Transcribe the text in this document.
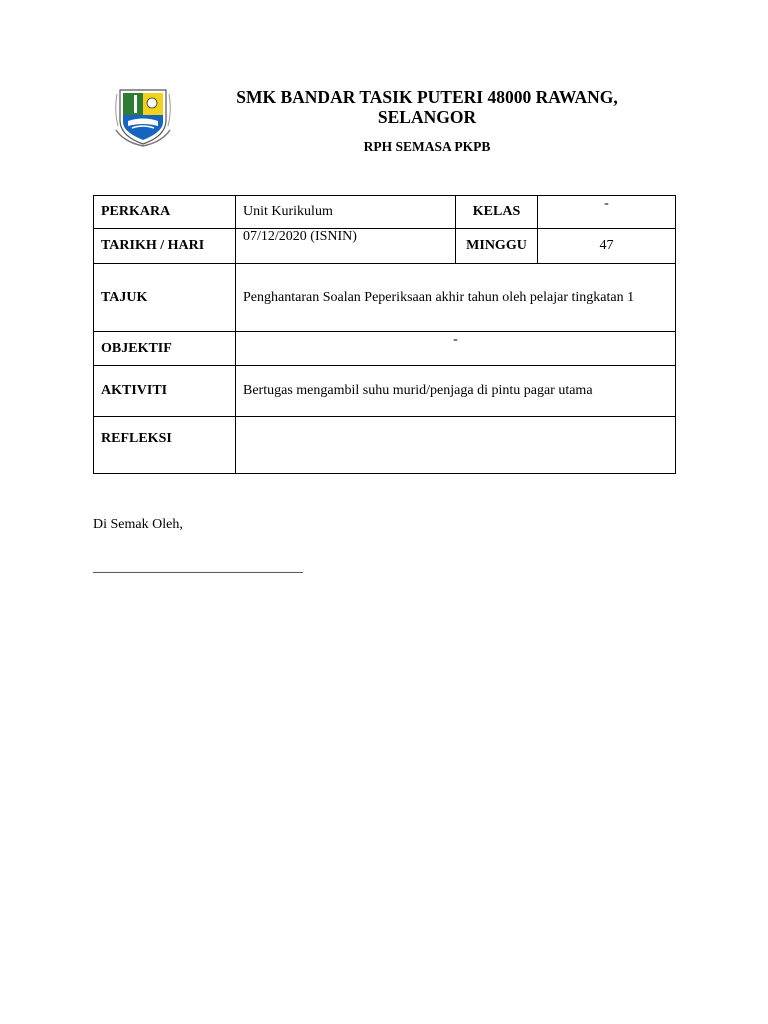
SMK BANDAR TASIK PUTERI 48000 RAWANG, SELANGOR
RPH SEMASA PKPB
PERKARA	Unit Kurikulum	KELAS	-
TARIKH / HARI	07/12/2020 (ISNIN)	MINGGU	47
TAJUK	Penghantaran Soalan Peperiksaan akhir tahun oleh pelajar tingkatan 1		
OBJEKTIF	-		
AKTIVITI	Bertugas mengambil suhu murid/penjaga di pintu pagar utama		
REFLEKSI			
Di Semak Oleh,
______________________________
